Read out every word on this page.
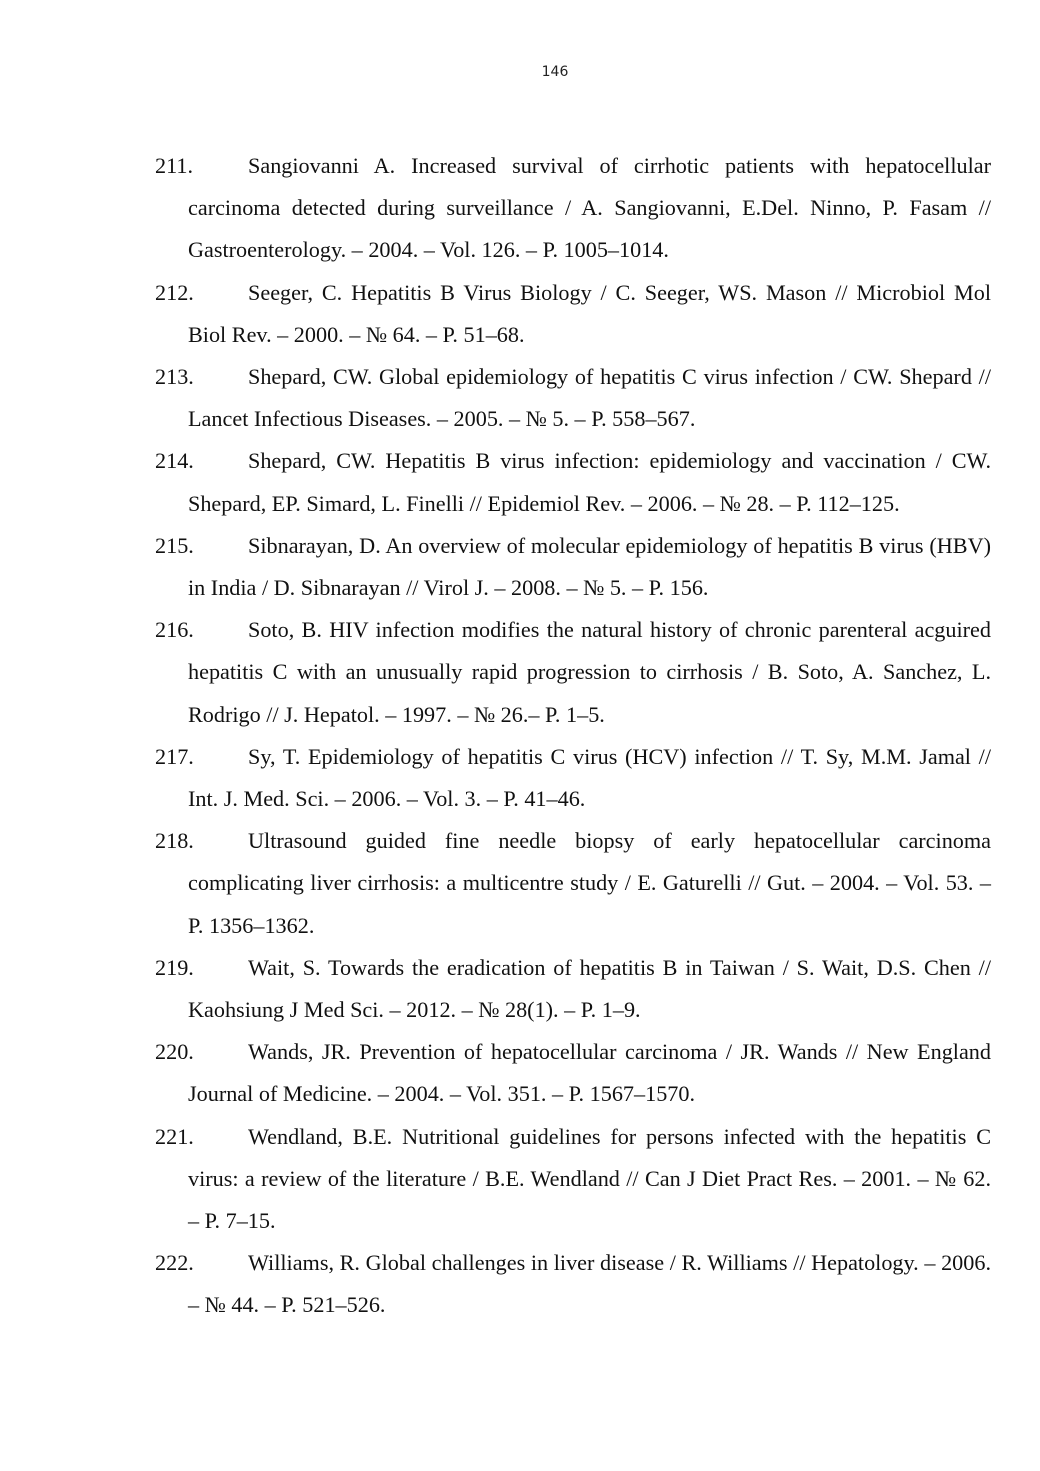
146

211. Sangiovanni A. Increased survival of cirrhotic patients with hepatocellular carcinoma detected during surveillance / A. Sangiovanni, E.Del. Ninno, P. Fasam // Gastroenterology. – 2004. – Vol. 126. – P. 1005–1014.

212. Seeger, C. Hepatitis B Virus Biology / C. Seeger, WS. Mason // Microbiol Mol Biol Rev. – 2000. – № 64. – P. 51–68.

213. Shepard, CW. Global epidemiology of hepatitis C virus infection / CW. Shepard // Lancet Infectious Diseases. – 2005. – № 5. – P. 558–567.

214. Shepard, CW. Hepatitis B virus infection: epidemiology and vaccination / CW. Shepard, EP. Simard, L. Finelli // Epidemiol Rev. – 2006. – № 28. – P. 112–125.

215. Sibnarayan, D. An overview of molecular epidemiology of hepatitis B virus (HBV) in India / D. Sibnarayan // Virol J. – 2008. – № 5. – P. 156.

216. Soto, B. HIV infection modifies the natural history of chronic parenteral acguired hepatitis C with an unusually rapid progression to cirrhosis / B. Soto, A. Sanchez, L. Rodrigo // J. Hepatol. – 1997. – № 26.– P. 1–5.

217. Sy, T. Epidemiology of hepatitis C virus (HCV) infection // T. Sy, M.M. Jamal // Int. J. Med. Sci. – 2006. – Vol. 3. – P. 41–46.

218. Ultrasound guided fine needle biopsy of early hepatocellular carcinoma complicating liver cirrhosis: a multicentre study / E. Gaturelli // Gut. – 2004. – Vol. 53. – P. 1356–1362.

219. Wait, S. Towards the eradication of hepatitis B in Taiwan / S. Wait, D.S. Chen // Kaohsiung J Med Sci. – 2012. – № 28(1). – P. 1–9.

220. Wands, JR. Prevention of hepatocellular carcinoma / JR. Wands // New England Journal of Medicine. – 2004. – Vol. 351. – P. 1567–1570.

221. Wendland, B.E. Nutritional guidelines for persons infected with the hepatitis C virus: a review of the literature / B.E. Wendland // Can J Diet Pract Res. – 2001. – № 62. – P. 7–15.

222. Williams, R. Global challenges in liver disease / R. Williams // Hepatology. – 2006. – № 44. – P. 521–526.
